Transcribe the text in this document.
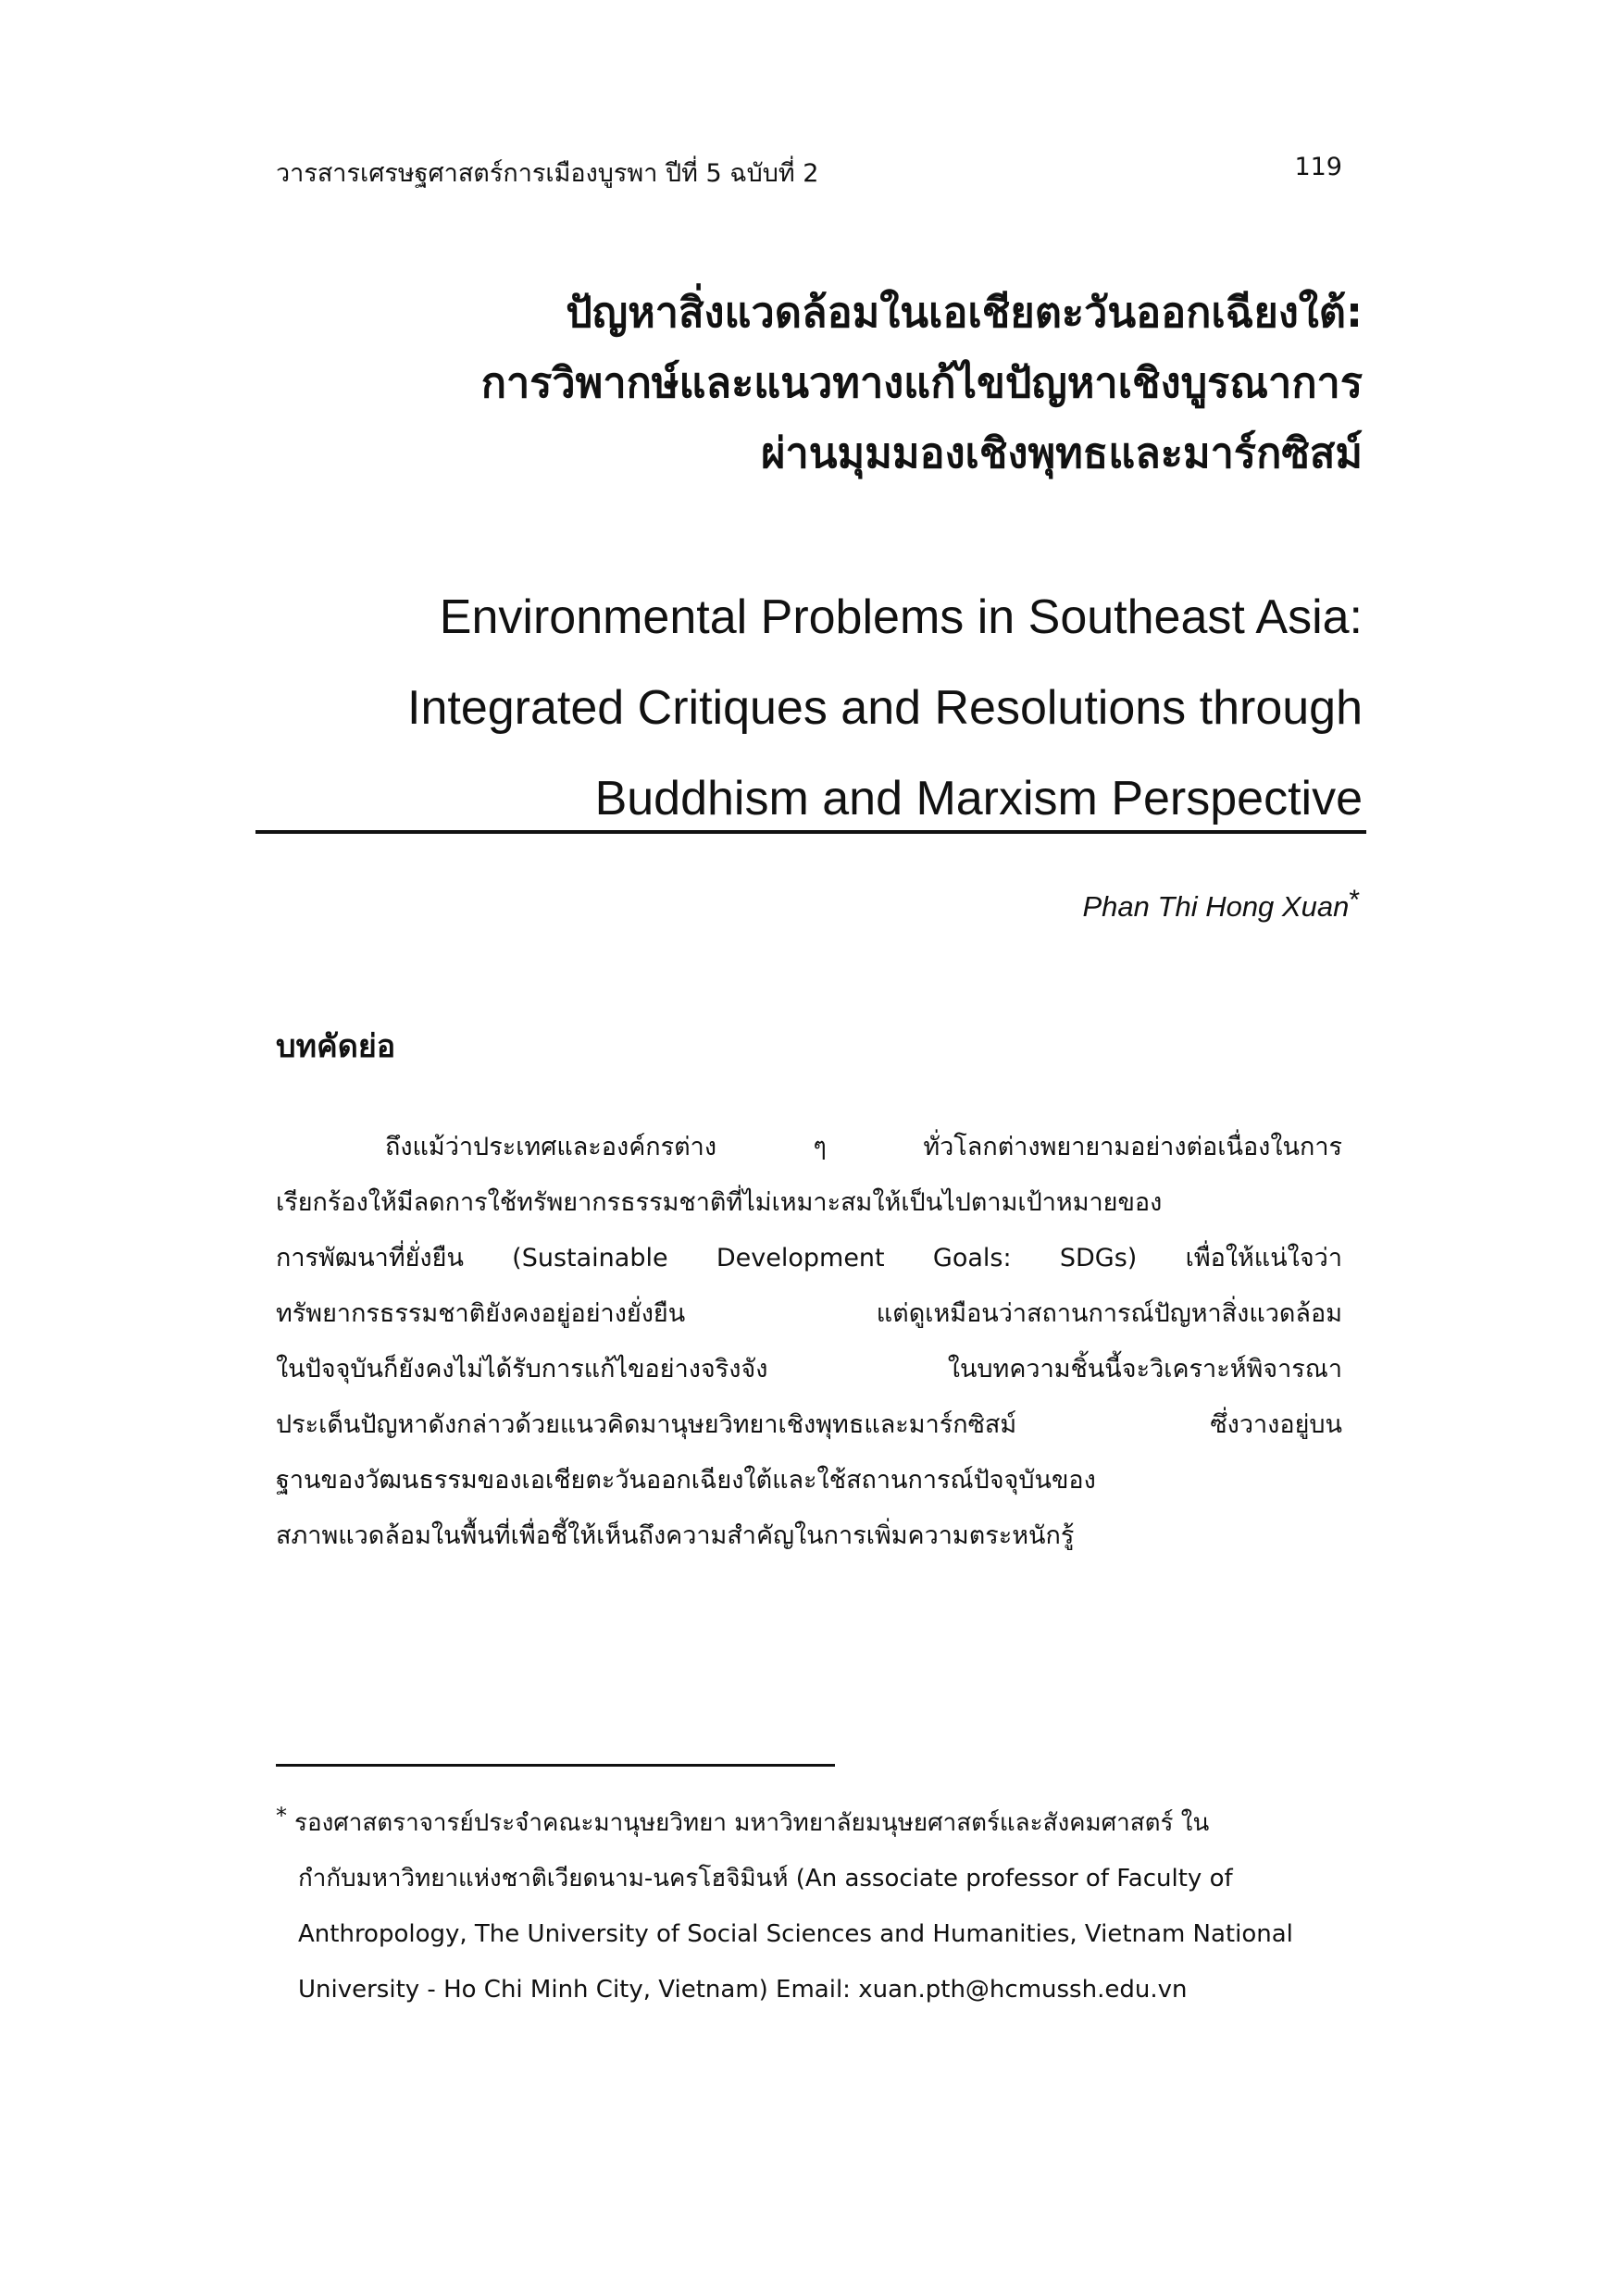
วารสารเศรษฐศาสตร์การเมืองบูรพา ปีที่ 5 ฉบับที่ 2	119
ปัญหาสิ่งแวดล้อมในเอเชียตะวันออกเฉียงใต้:
การวิพากษ์และแนวทางแก้ไขปัญหาเชิงบูรณาการ
ผ่านมุมมองเชิงพุทธและมาร์กซิสม์
Environmental Problems in Southeast Asia:
Integrated Critiques and Resolutions through
Buddhism and Marxism Perspective
Phan Thi Hong Xuan*
บทคัดย่อ
ถึงแม้ว่าประเทศและองค์กรต่าง ๆ ทั่วโลกต่างพยายามอย่างต่อเนื่องในการ
เรียกร้องให้มีลดการใช้ทรัพยากรธรรมชาติที่ไม่เหมาะสมให้เป็นไปตามเป้าหมายของ
การพัฒนาที่ยั่งยืน (Sustainable Development Goals: SDGs) เพื่อให้แน่ใจว่า
ทรัพยากรธรรมชาติยังคงอยู่อย่างยั่งยืน แต่ดูเหมือนว่าสถานการณ์ปัญหาสิ่งแวดล้อม
ในปัจจุบันก็ยังคงไม่ได้รับการแก้ไขอย่างจริงจัง ในบทความชิ้นนี้จะวิเคราะห์พิจารณา
ประเด็นปัญหาดังกล่าวด้วยแนวคิดมานุษยวิทยาเชิงพุทธและมาร์กซิสม์ ซึ่งวางอยู่บน
ฐานของวัฒนธรรมของเอเชียตะวันออกเฉียงใต้และใช้สถานการณ์ปัจจุบันของ
สภาพแวดล้อมในพื้นที่เพื่อชี้ให้เห็นถึงความสำคัญในการเพิ่มความตระหนักรู้
* รองศาสตราจารย์ประจำคณะมานุษยวิทยา มหาวิทยาลัยมนุษยศาสตร์และสังคมศาสตร์ ใน
กำกับมหาวิทยาแห่งชาติเวียดนาม-นครโฮจิมินห์ (An associate professor of Faculty of
Anthropology, The University of Social Sciences and Humanities, Vietnam National
University - Ho Chi Minh City, Vietnam) Email: xuan.pth@hcmussh.edu.vn
